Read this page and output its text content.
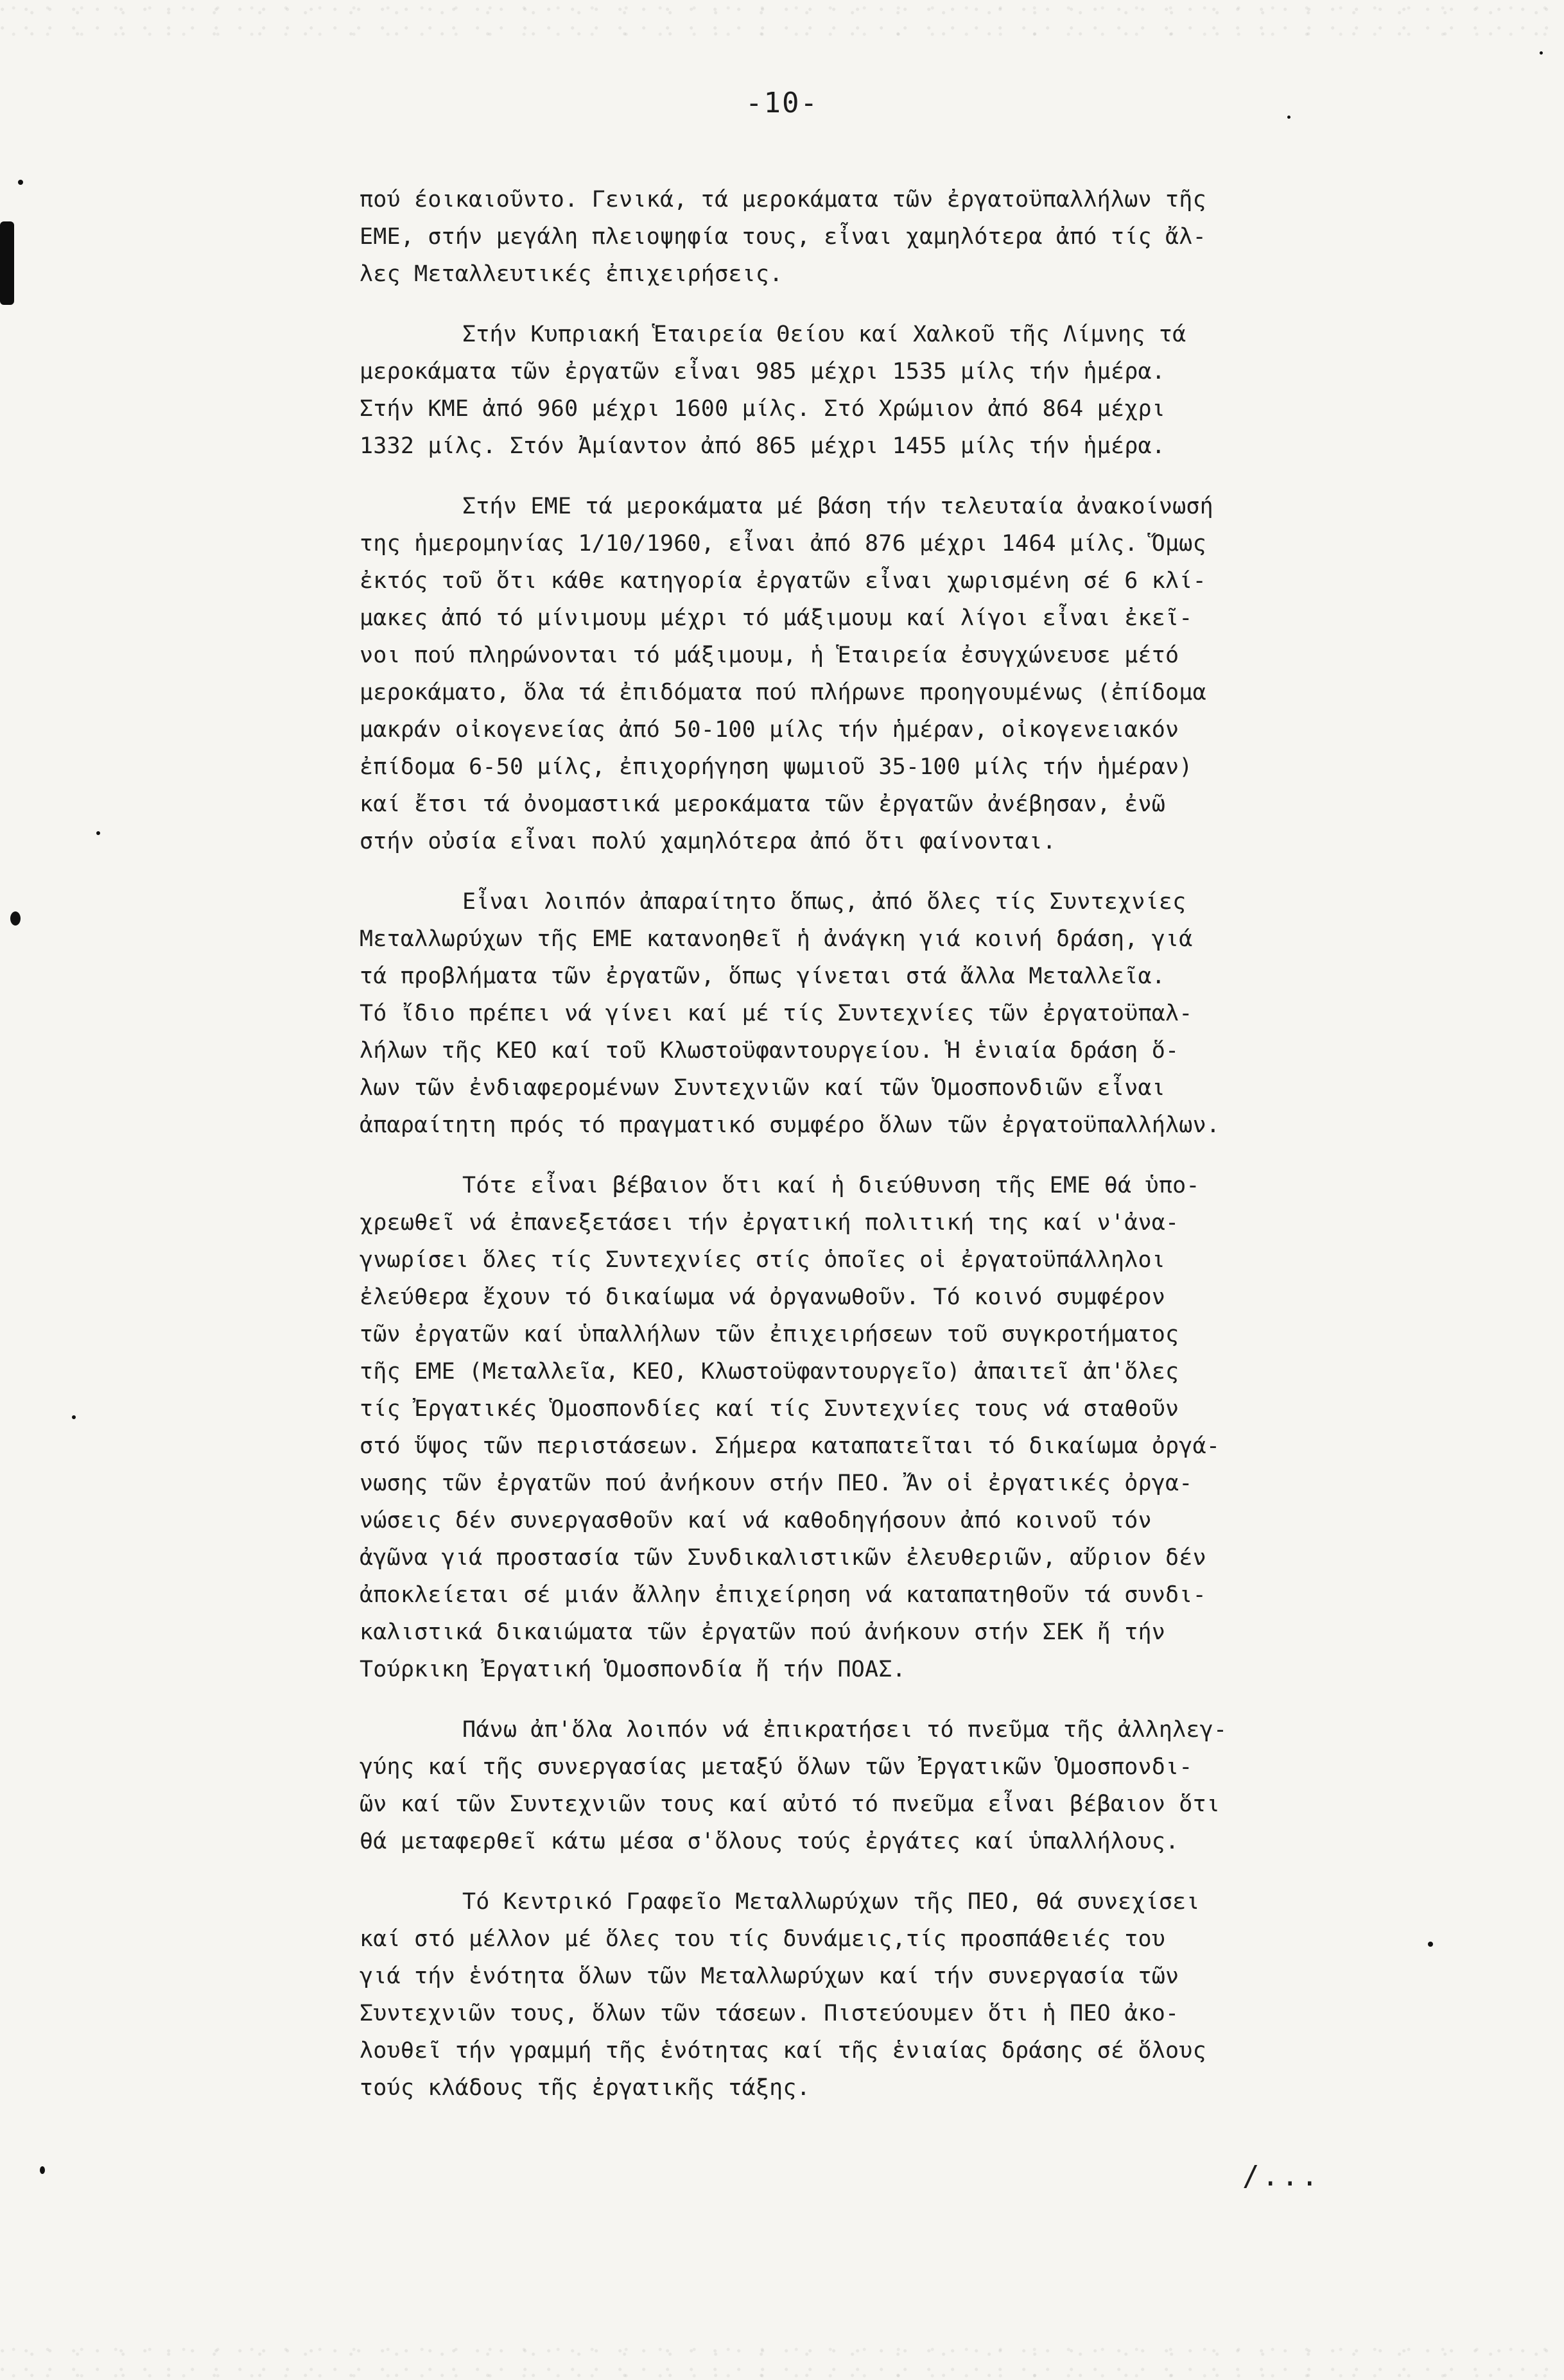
-10-
πού έοικαιοῦντο. Γενικά, τά μεροκάματα τῶν ἐργατοϋπαλλήλων τῆς
ΕΜΕ, στήν μεγάλη πλειοψηφία τους, εἶναι χαμηλότερα ἀπό τίς ἄλ-
λες Μεταλλευτικές ἐπιχειρήσεις.
Στήν Κυπριακή Ἑταιρεία Θείου καί Χαλκοῦ τῆς Λίμνης τά
μεροκάματα τῶν ἐργατῶν εἶναι 985 μέχρι 1535 μίλς τήν ἡμέρα.
Στήν ΚΜΕ ἀπό 960 μέχρι 1600 μίλς. Στό Χρώμιον ἀπό 864 μέχρι
1332 μίλς. Στόν Ἀμίαντον ἀπό 865 μέχρι 1455 μίλς τήν ἡμέρα.
Στήν ΕΜΕ τά μεροκάματα μέ βάση τήν τελευταία ἀνακοίνωσή
της ἡμερομηνίας 1/10/1960, εἶναι ἀπό 876 μέχρι 1464 μίλς. Ὅμως
ἐκτός τοῦ ὅτι κάθε κατηγορία ἐργατῶν εἶναι χωρισμένη σέ 6 κλί-
μακες ἀπό τό μίνιμουμ μέχρι τό μάξιμουμ καί λίγοι εἶναι ἐκεῖ-
νοι πού πληρώνονται τό μάξιμουμ, ἡ Ἑταιρεία ἐσυγχώνευσε μέτό
μεροκάματο, ὅλα τά ἐπιδόματα πού πλήρωνε προηγουμένως (ἐπίδομα
μακράν οἰκογενείας ἀπό 50-100 μίλς τήν ἡμέραν, οἰκογενειακόν
ἐπίδομα 6-50 μίλς, ἐπιχορήγηση ψωμιοῦ 35-100 μίλς τήν ἡμέραν)
καί ἔτσι τά ὀνομαστικά μεροκάματα τῶν ἐργατῶν ἀνέβησαν, ἐνῶ
στήν οὐσία εἶναι πολύ χαμηλότερα ἀπό ὅτι φαίνονται.
Εἶναι λοιπόν ἀπαραίτητο ὅπως, ἀπό ὅλες τίς Συντεχνίες
Μεταλλωρύχων τῆς ΕΜΕ κατανοηθεῖ ἡ ἀνάγκη γιά κοινή δράση, γιά
τά προβλήματα τῶν ἐργατῶν, ὅπως γίνεται στά ἄλλα Μεταλλεῖα.
Τό ἴδιο πρέπει νά γίνει καί μέ τίς Συντεχνίες τῶν ἐργατοϋπαλ-
λήλων τῆς ΚΕΟ καί τοῦ Κλωστοϋφαντουργείου. Ἡ ἑνιαία δράση ὅ-
λων τῶν ἐνδιαφερομένων Συντεχνιῶν καί τῶν Ὁμοσπονδιῶν εἶναι
ἀπαραίτητη πρός τό πραγματικό συμφέρο ὅλων τῶν ἐργατοϋπαλλήλων.
Τότε εἶναι βέβαιον ὅτι καί ἡ διεύθυνση τῆς ΕΜΕ θά ὑπο-
χρεωθεῖ νά ἐπανεξετάσει τήν ἐργατική πολιτική της καί ν'ἀνα-
γνωρίσει ὅλες τίς Συντεχνίες στίς ὁποῖες οἱ ἐργατοϋπάλληλοι
ἐλεύθερα ἔχουν τό δικαίωμα νά ὀργανωθοῦν. Τό κοινό συμφέρον
τῶν ἐργατῶν καί ὑπαλλήλων τῶν ἐπιχειρήσεων τοῦ συγκροτήματος
τῆς ΕΜΕ (Μεταλλεῖα, ΚΕΟ, Κλωστοϋφαντουργεῖο) ἀπαιτεῖ ἀπ'ὅλες
τίς Ἐργατικές Ὁμοσπονδίες καί τίς Συντεχνίες τους νά σταθοῦν
στό ὕψος τῶν περιστάσεων. Σήμερα καταπατεῖται τό δικαίωμα ὀργά-
νωσης τῶν ἐργατῶν πού ἀνήκουν στήν ΠΕΟ. Ἄν οἱ ἐργατικές ὀργα-
νώσεις δέν συνεργασθοῦν καί νά καθοδηγήσουν ἀπό κοινοῦ τόν
ἀγῶνα γιά προστασία τῶν Συνδικαλιστικῶν ἐλευθεριῶν, αὔριον δέν
ἀποκλείεται σέ μιάν ἄλλην ἐπιχείρηση νά καταπατηθοῦν τά συνδι-
καλιστικά δικαιώματα τῶν ἐργατῶν πού ἀνήκουν στήν ΣΕΚ ἤ τήν
Τούρκικη Ἐργατική Ὁμοσπονδία ἤ τήν ΠΟΑΣ.
Πάνω ἀπ'ὅλα λοιπόν νά ἐπικρατήσει τό πνεῦμα τῆς ἀλληλεγ-
γύης καί τῆς συνεργασίας μεταξύ ὅλων τῶν Ἐργατικῶν Ὁμοσπονδι-
ῶν καί τῶν Συντεχνιῶν τους καί αὐτό τό πνεῦμα εἶναι βέβαιον ὅτι
θά μεταφερθεῖ κάτω μέσα σ'ὅλους τούς ἐργάτες καί ὑπαλλήλους.
Τό Κεντρικό Γραφεῖο Μεταλλωρύχων τῆς ΠΕΟ, θά συνεχίσει
καί στό μέλλον μέ ὅλες του τίς δυνάμεις,τίς προσπάθειές του
γιά τήν ἑνότητα ὅλων τῶν Μεταλλωρύχων καί τήν συνεργασία τῶν
Συντεχνιῶν τους, ὅλων τῶν τάσεων. Πιστεύουμεν ὅτι ἡ ΠΕΟ ἀκο-
λουθεῖ τήν γραμμή τῆς ἑνότητας καί τῆς ἑνιαίας δράσης σέ ὅλους
τούς κλάδους τῆς ἐργατικῆς τάξης.
/...
